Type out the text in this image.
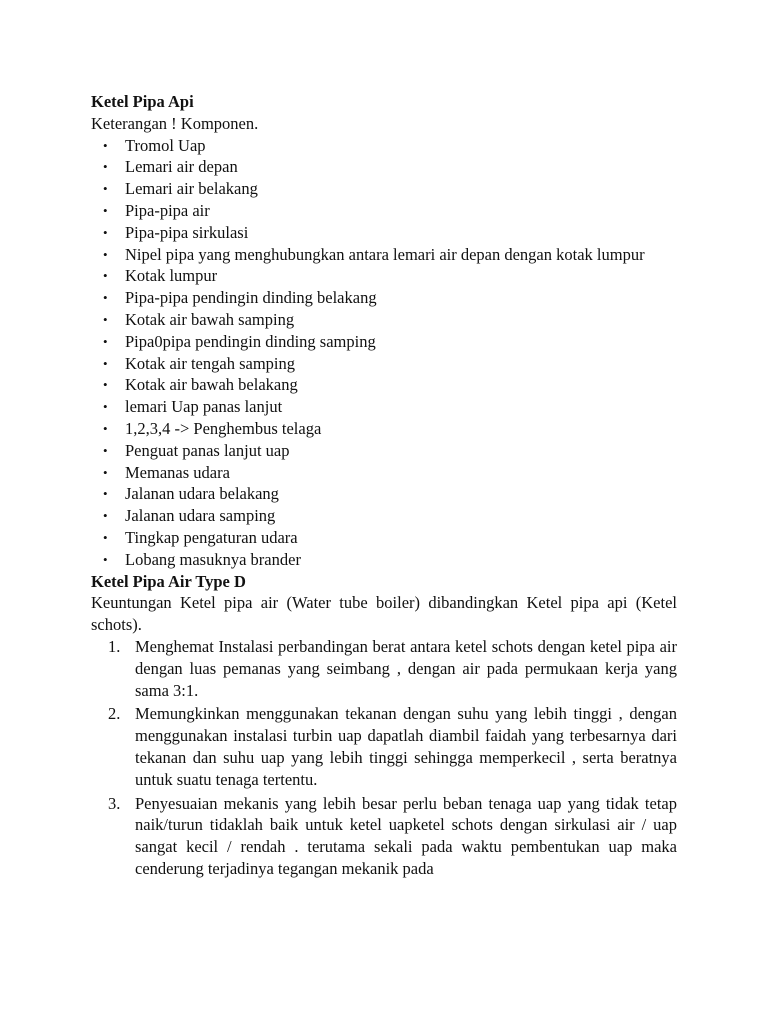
Ketel Pipa Api

Keterangan ! Komponen.

• Tromol Uap
• Lemari air depan
• Lemari air belakang
• Pipa-pipa air
• Pipa-pipa sirkulasi
• Nipel pipa yang menghubungkan antara lemari air depan dengan kotak lumpur
• Kotak lumpur
• Pipa-pipa pendingin dinding belakang
• Kotak air bawah samping
• Pipa0pipa pendingin dinding samping
• Kotak air tengah samping
• Kotak air bawah belakang
• lemari Uap panas lanjut
• 1,2,3,4 -> Penghembus telaga
• Penguat panas lanjut uap
• Memanas udara
• Jalanan udara belakang
• Jalanan udara samping
• Tingkap pengaturan udara
• Lobang masuknya brander

Ketel Pipa Air Type D

Keuntungan Ketel pipa air (Water tube boiler) dibandingkan Ketel pipa api (Ketel schots).

1. Menghemat Instalasi perbandingan berat antara ketel schots dengan ketel pipa air dengan luas pemanas yang seimbang , dengan air pada permukaan kerja yang sama 3:1.
2. Memungkinkan menggunakan tekanan dengan suhu yang lebih tinggi , dengan menggunakan instalasi turbin uap dapatlah diambil faidah yang terbesarnya dari tekanan dan suhu uap yang lebih tinggi sehingga memperkecil , serta beratnya untuk suatu tenaga tertentu.
3. Penyesuaian mekanis yang lebih besar perlu beban tenaga uap yang tidak tetap naik/turun tidaklah baik untuk ketel uapketel schots dengan sirkulasi air / uap sangat kecil / rendah . terutama sekali pada waktu pembentukan uap maka cenderung terjadinya tegangan mekanik pada
